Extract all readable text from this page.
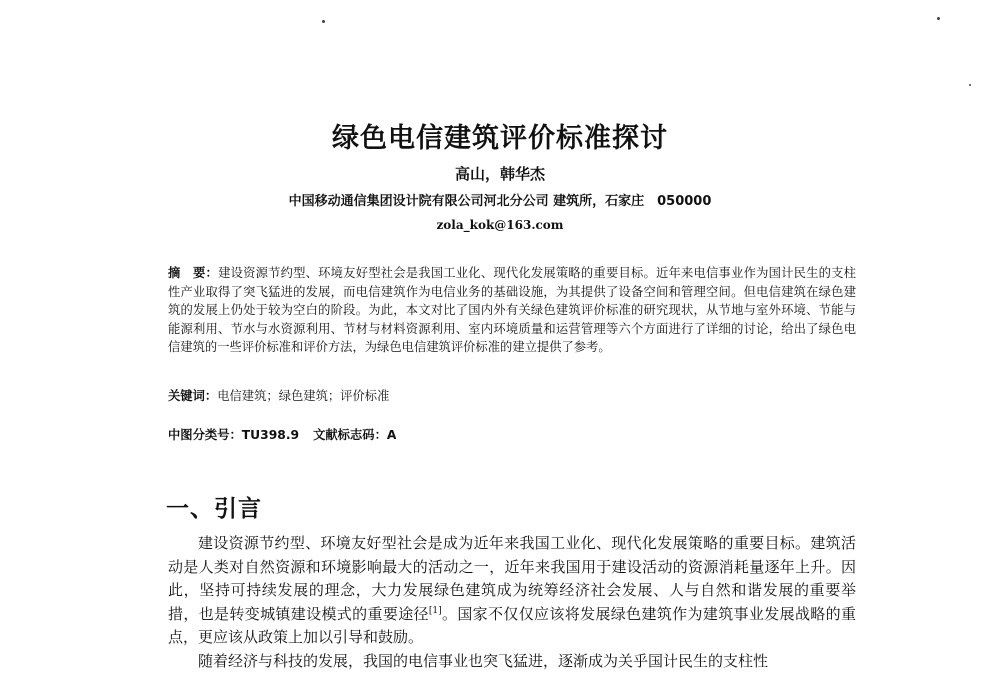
绿色电信建筑评价标准探讨
高山，韩华杰
中国移动通信集团设计院有限公司河北分公司 建筑所，石家庄　050000
zola_kok@163.com
摘　要：建设资源节约型、环境友好型社会是我国工业化、现代化发展策略的重要目标。近年来电信事业作为国计民生的支柱性产业取得了突飞猛进的发展，而电信建筑作为电信业务的基础设施，为其提供了设备空间和管理空间。但电信建筑在绿色建筑的发展上仍处于较为空白的阶段。为此，本文对比了国内外有关绿色建筑评价标准的研究现状，从节地与室外环境、节能与能源利用、节水与水资源利用、节材与材料资源利用、室内环境质量和运营管理等六个方面进行了详细的讨论，给出了绿色电信建筑的一些评价标准和评价方法，为绿色电信建筑评价标准的建立提供了参考。
关键词：电信建筑；绿色建筑；评价标准
中图分类号：TU398.9 文献标志码：A
一、引言

建设资源节约型、环境友好型社会是成为近年来我国工业化、现代化发展策略的重要目标。建筑活动是人类对自然资源和环境影响最大的活动之一，近年来我国用于建设活动的资源消耗量逐年上升。因此，坚持可持续发展的理念，大力发展绿色建筑成为统筹经济社会发展、人与自然和谐发展的重要举措，也是转变城镇建设模式的重要途径[1]。国家不仅仅应该将发展绿色建筑作为建筑事业发展战略的重点，更应该从政策上加以引导和鼓励。

随着经济与科技的发展，我国的电信事业也突飞猛进，逐渐成为关乎国计民生的支柱性
